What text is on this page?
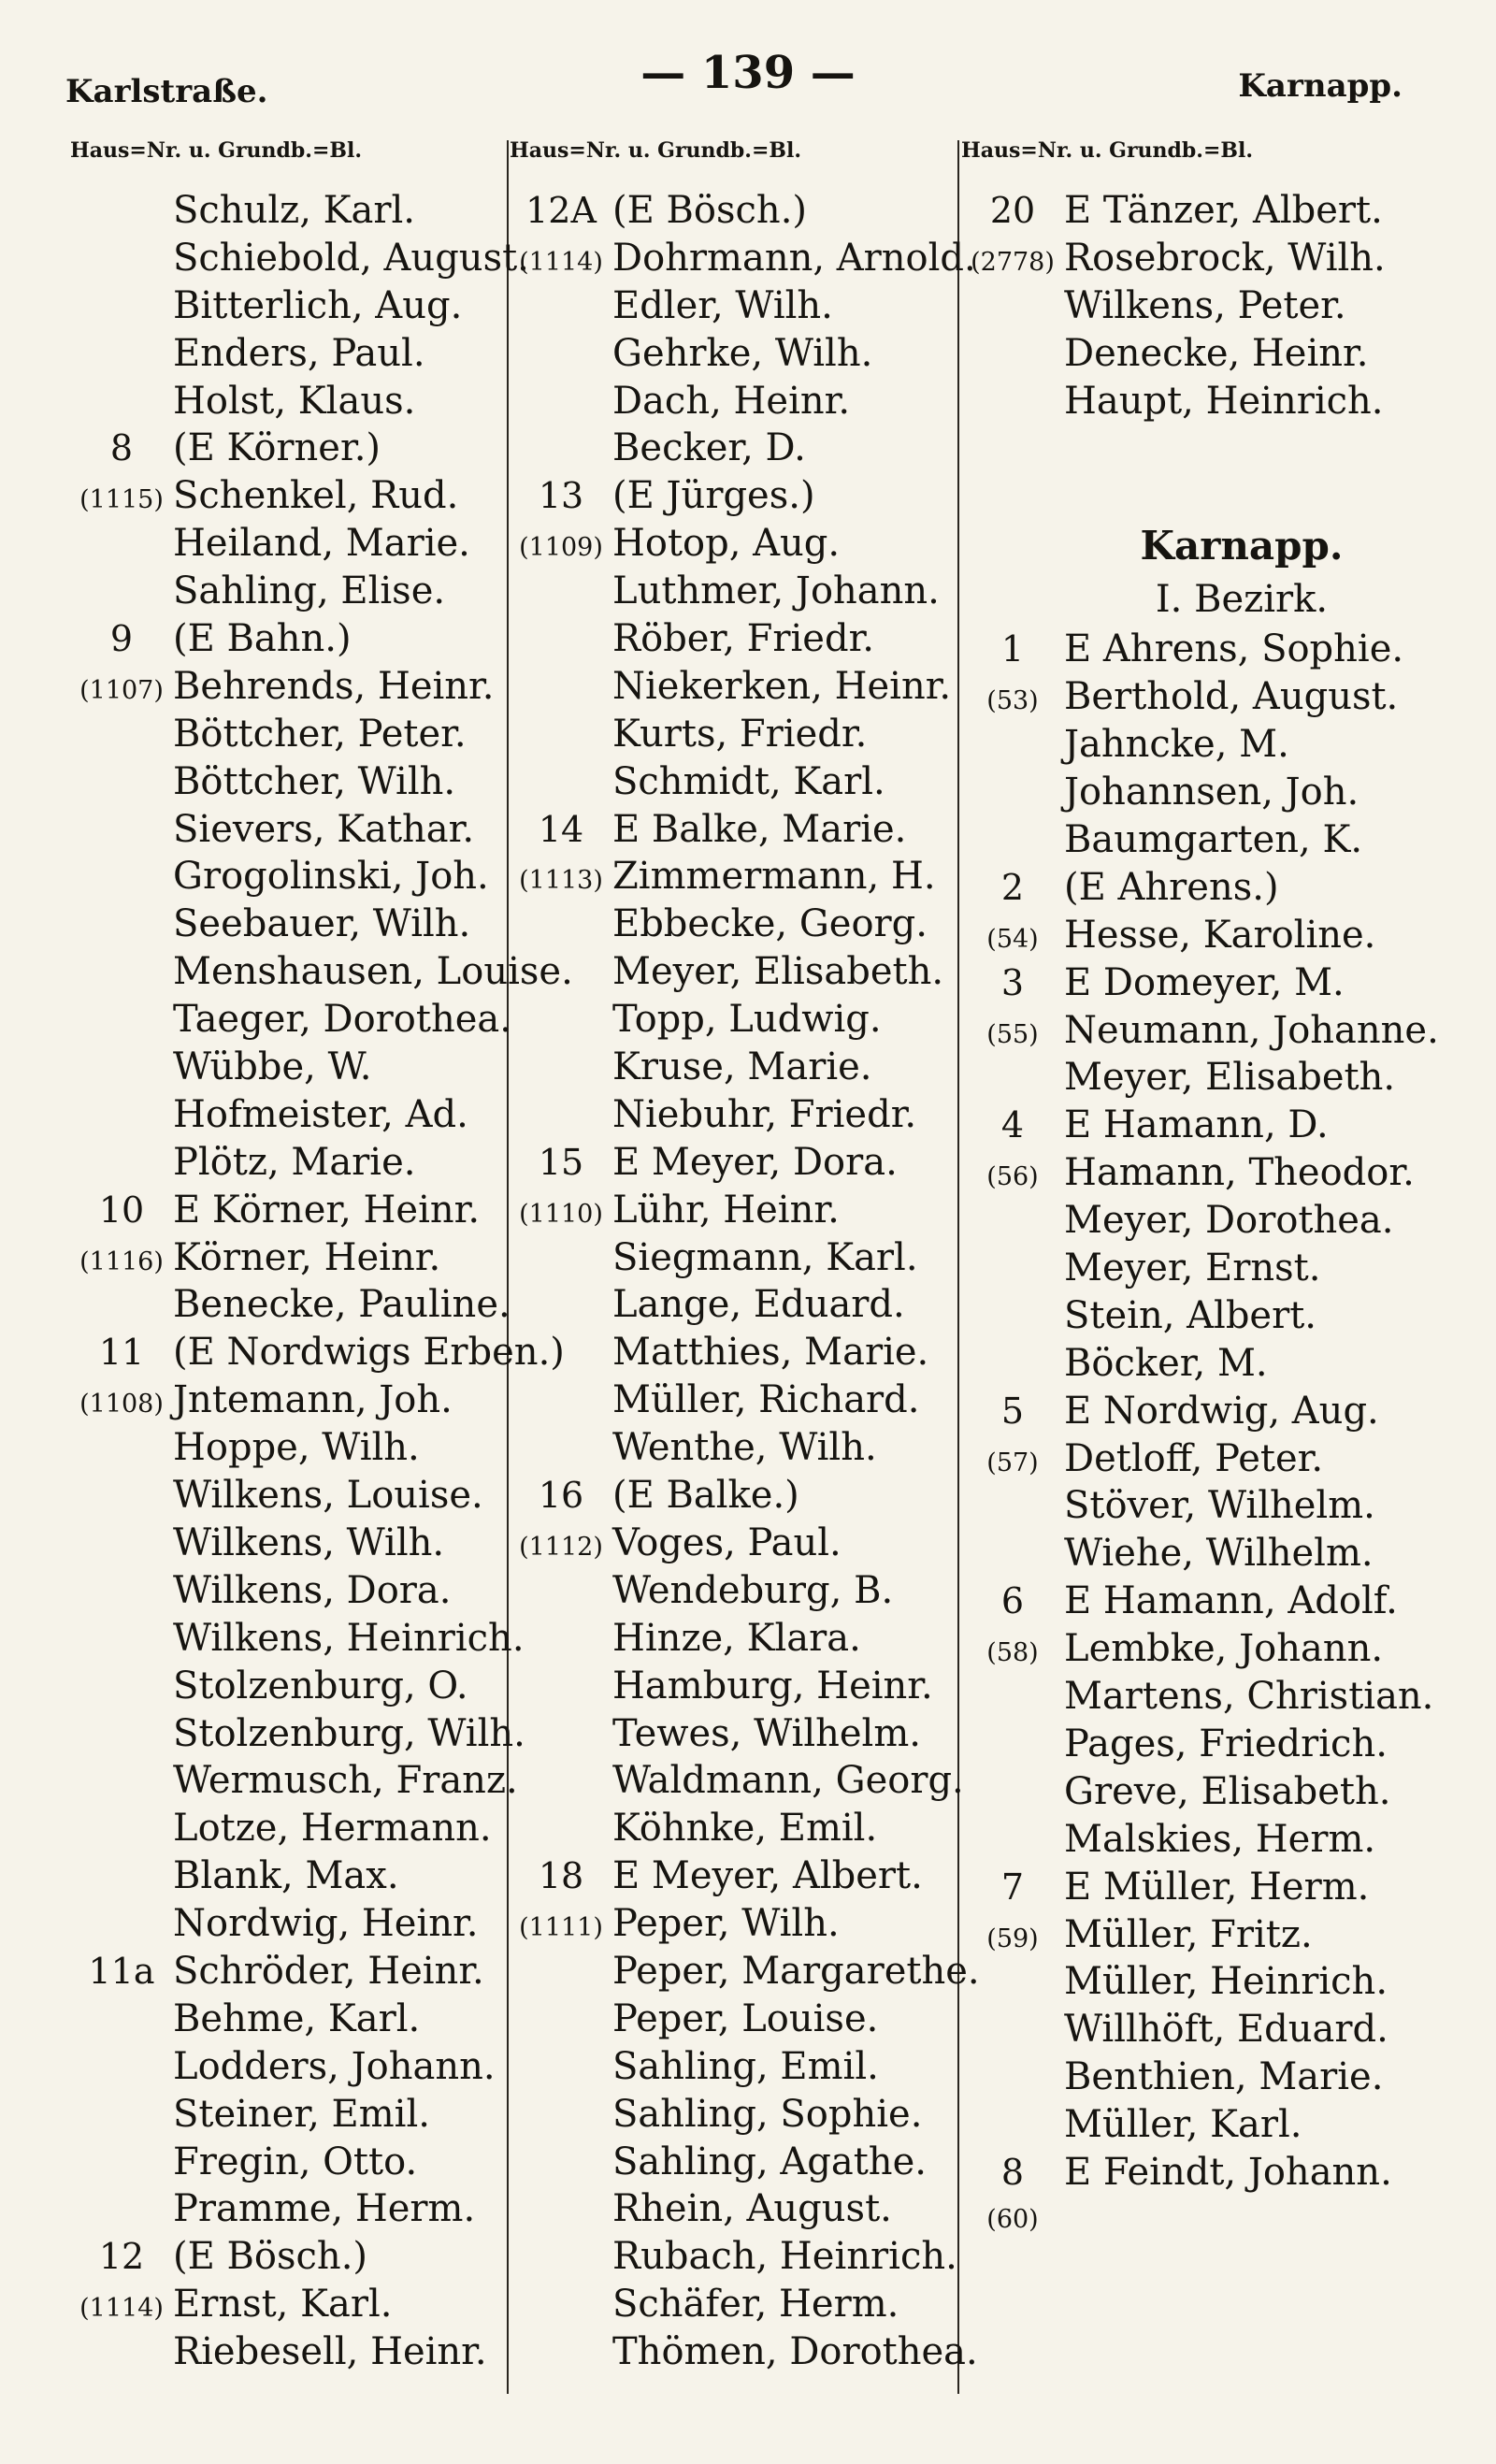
Karlstraße.	— 139 —	Karnapp.
Haus=Nr. u. Grundb.=Bl.
Schulz, Karl.
Schiebold, August.
Bitterlich, Aug.
Enders, Paul.
Holst, Klaus.
8	(E Körner.)
(1115) Schenkel, Rud.
Heiland, Marie.
Sahling, Elise.
9	(E Bahn.)
(1107) Behrends, Heinr.
Böttcher, Peter.
Böttcher, Wilh.
Sievers, Kathar.
Grogolinski, Joh.
Seebauer, Wilh.
Menshausen, Louise.
Taeger, Dorothea.
Wübbe, W.
Hofmeister, Ad.
Plötz, Marie.
10 E Körner, Heinr.
(1116) Körner, Heinr.
Benecke, Pauline.
11 (E Nordwigs Erben.)
(1108) Jntemann, Joh.
Hoppe, Wilh.
Wilkens, Louise.
Wilkens, Wilh.
Wilkens, Dora.
Wilkens, Heinrich.
Stolzenburg, O.
Stolzenburg, Wilh.
Wermusch, Franz.
Lotze, Hermann.
Blank, Max.
Nordwig, Heinr.
11a Schröder, Heinr.
Behme, Karl.
Lodders, Johann.
Steiner, Emil.
Fregin, Otto.
Pramme, Herm.
12 (E Bösch.)
(1114) Ernst, Karl.
Riebesell, Heinr.
Haus=Nr. u. Grundb.=Bl.
12A (E Bösch.)
(1114) Dohrmann, Arnold.
Edler, Wilh.
Gehrke, Wilh.
Dach, Heinr.
Becker, D.
13 (E Jürges.)
(1109) Hotop, Aug.
Luthmer, Johann.
Röber, Friedr.
Niekerken, Heinr.
Kurts, Friedr.
Schmidt, Karl.
14 E Balke, Marie.
(1113) Zimmermann, H.
Ebbecke, Georg.
Meyer, Elisabeth.
Topp, Ludwig.
Kruse, Marie.
Niebuhr, Friedr.
15 E Meyer, Dora.
(1110) Lühr, Heinr.
Siegmann, Karl.
Lange, Eduard.
Matthies, Marie.
Müller, Richard.
Wenthe, Wilh.
16 (E Balke.)
(1112) Voges, Paul.
Wendeburg, B.
Hinze, Klara.
Hamburg, Heinr.
Tewes, Wilhelm.
Waldmann, Georg.
Köhnke, Emil.
18 E Meyer, Albert.
(1111) Peper, Wilh.
Peper, Margarethe.
Peper, Louise.
Sahling, Emil.
Sahling, Sophie.
Sahling, Agathe.
Rhein, August.
Rubach, Heinrich.
Schäfer, Herm.
Thömen, Dorothea.
Haus=Nr. u. Grundb.=Bl.
20 E Tänzer, Albert.
(2778) Rosebrock, Wilh.
Wilkens, Peter.
Denecke, Heinr.
Haupt, Heinrich.
Karnapp.
I. Bezirk.
1	E Ahrens, Sophie.
(53) Berthold, August.
Jahncke, M.
Johannsen, Joh.
Baumgarten, K.
2	(E Ahrens.)
(54) Hesse, Karoline.
3	E Domeyer, M.
(55) Neumann, Johanne.
Meyer, Elisabeth.
4	E Hamann, D.
(56) Hamann, Theodor.
Meyer, Dorothea.
Meyer, Ernst.
Stein, Albert.
Böcker, M.
5	E Nordwig, Aug.
(57) Detloff, Peter.
Stöver, Wilhelm.
Wiehe, Wilhelm.
6	E Hamann, Adolf.
(58) Lembke, Johann.
Martens, Christian.
Pages, Friedrich.
Greve, Elisabeth.
Malskies, Herm.
7	E Müller, Herm.
(59) Müller, Fritz.
Müller, Heinrich.
Willhöft, Eduard.
Benthien, Marie.
Müller, Karl.
8	E Feindt, Johann.
(60)
